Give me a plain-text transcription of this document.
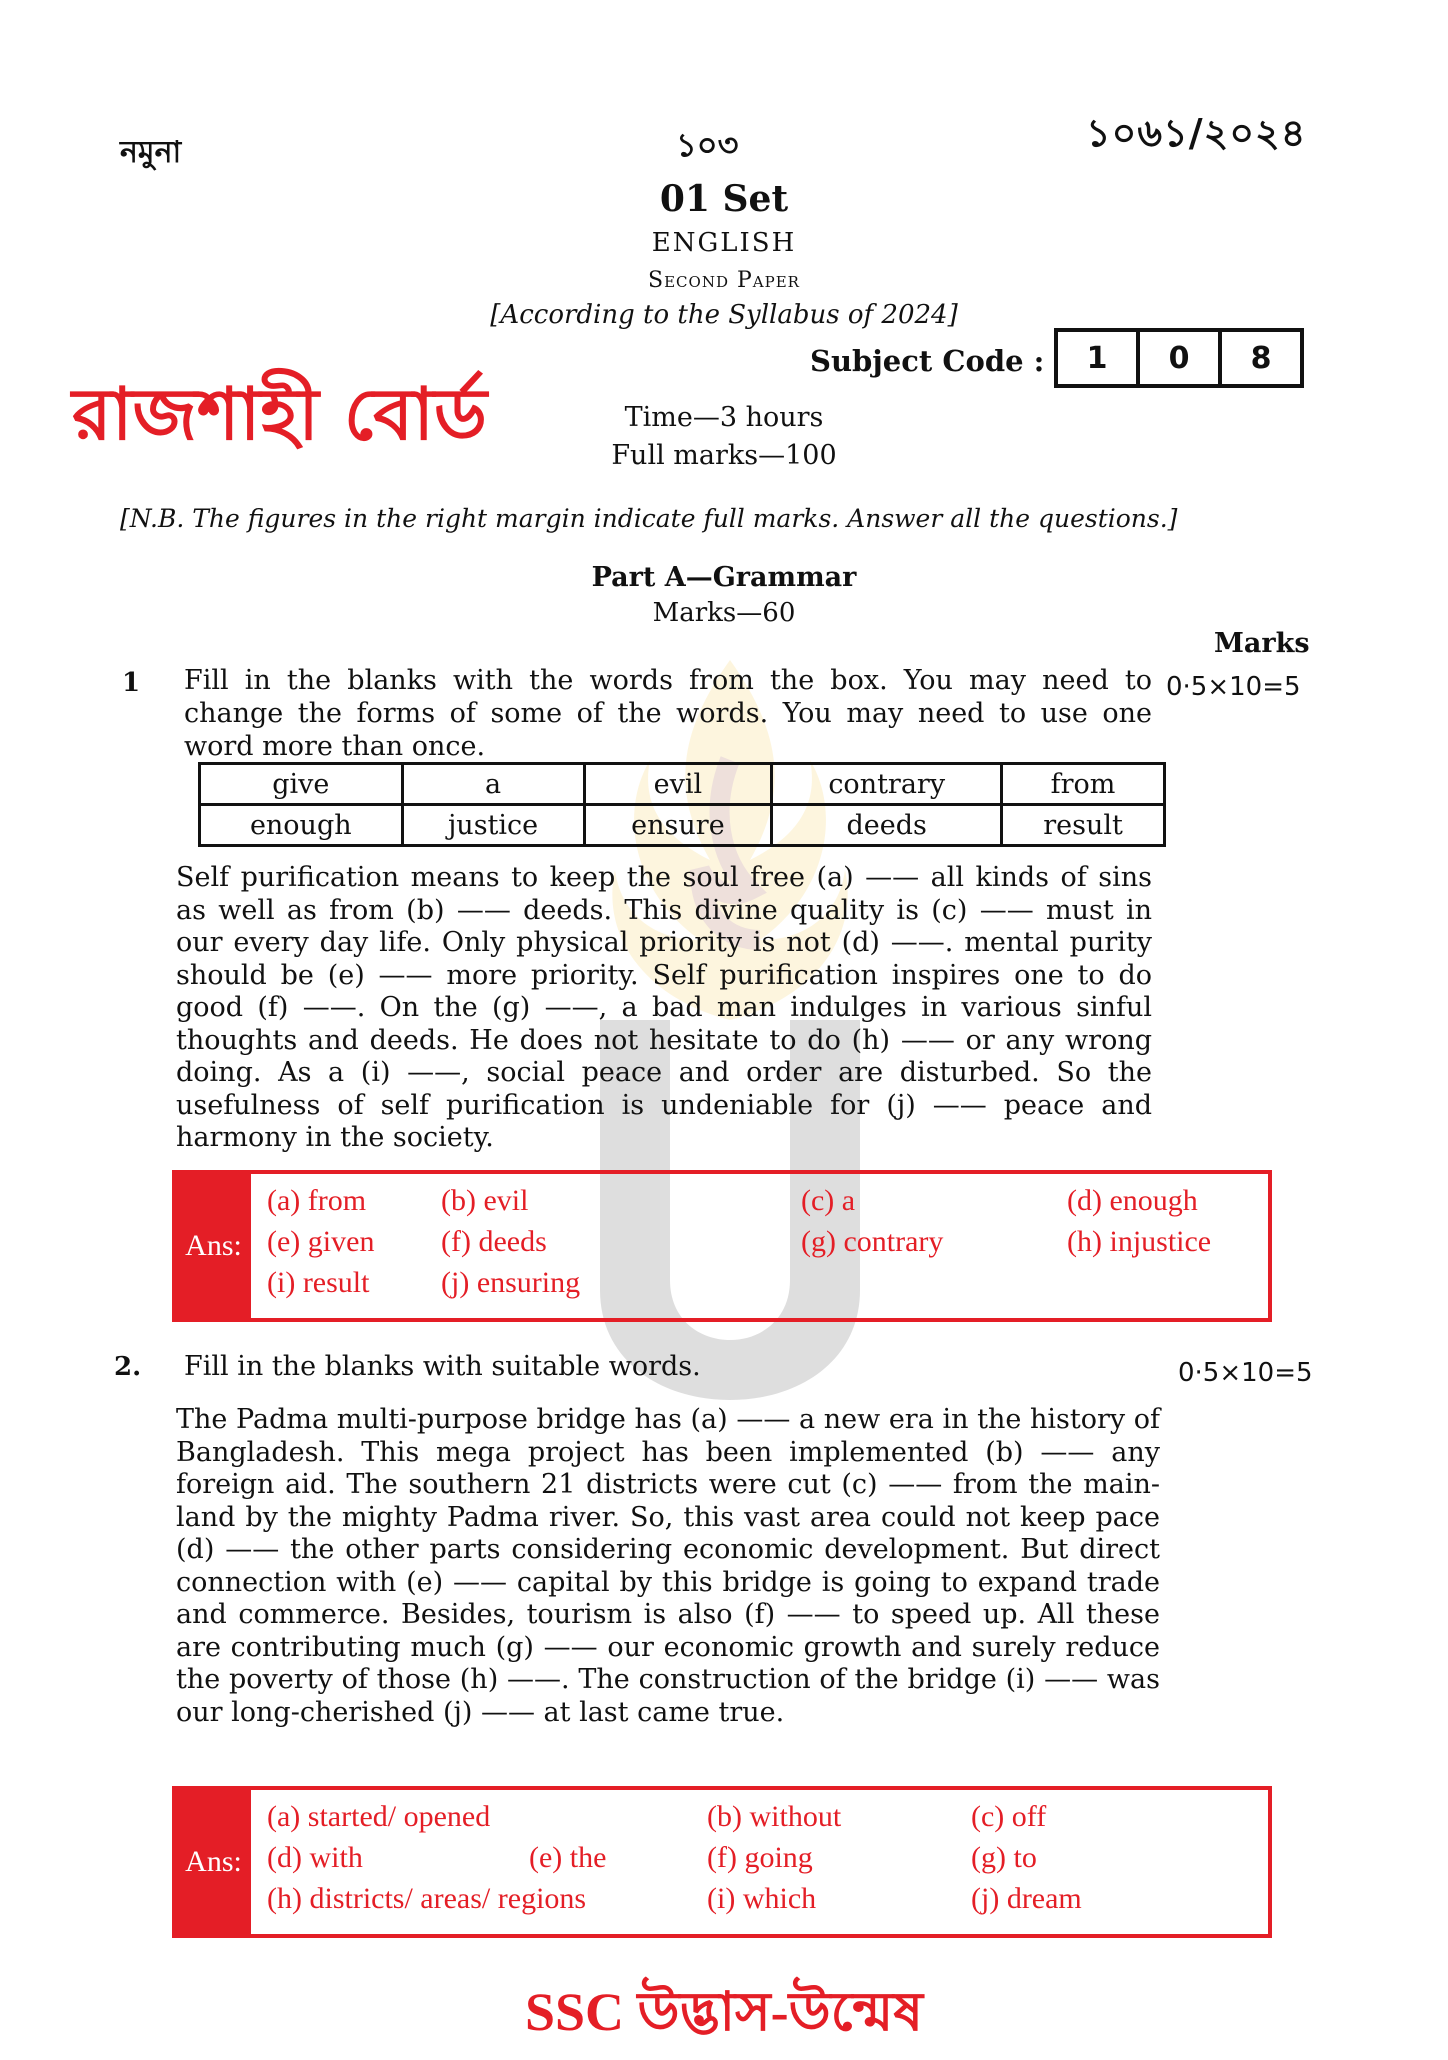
নমুনা	১০৩	১০৬১/২০২৪
01 Set
ENGLISH
Second Paper
[According to the Syllabus of 2024]
Subject Code :	1	0	8
রাজশাহী বোর্ড	Time—3 hours
Full marks—100
[N.B. The figures in the right margin indicate full marks. Answer all the questions.]
Part A—Grammar
Marks—60
Marks
1 Fill in the blanks with the words from the box. You may need to change the forms of some of the words. You may need to use one word more than once.
0·5×10=5
give	a	evil	contrary	from
enough	justice	ensure	deeds	result
Self purification means to keep the soul free (a) —— all kinds of sins as well as from (b) —— deeds. This divine quality is (c) —— must in our every day life. Only physical priority is not (d) ——. mental purity should be (e) —— more priority. Self purification inspires one to do good (f) ——. On the (g) ——, a bad man indulges in various sinful thoughts and deeds. He does not hesitate to do (h) —— or any wrong doing. As a (i) ——, social peace and order are disturbed. So the usefulness of self purification is undeniable for (j) —— peace and harmony in the society.
Ans:
(a) from (b) evil	(c) a	(d) enough
(e) given (f) deeds	(g) contrary	(h) injustice
(i) result (j) ensuring
2. Fill in the blanks with suitable words.	0·5×10=5
The Padma multi-purpose bridge has (a) —— a new era in the history of Bangladesh. This mega project has been implemented (b) —— any foreign aid. The southern 21 districts were cut (c) —— from the main-land by the mighty Padma river. So, this vast area could not keep pace (d) —— the other parts considering economic development. But direct connection with (e) —— capital by this bridge is going to expand trade and commerce. Besides, tourism is also (f) —— to speed up. All these are contributing much (g) —— our economic growth and surely reduce the poverty of those (h) ——. The construction of the bridge (i) —— was our long-cherished (j) —— at last came true.
Ans:
(a) started/ opened	(b) without	(c) off
(d) with	(e) the	(f) going	(g) to
(h) districts/ areas/ regions	(i) which	(j) dream
SSC উদ্ভাস-উন্মেষ
